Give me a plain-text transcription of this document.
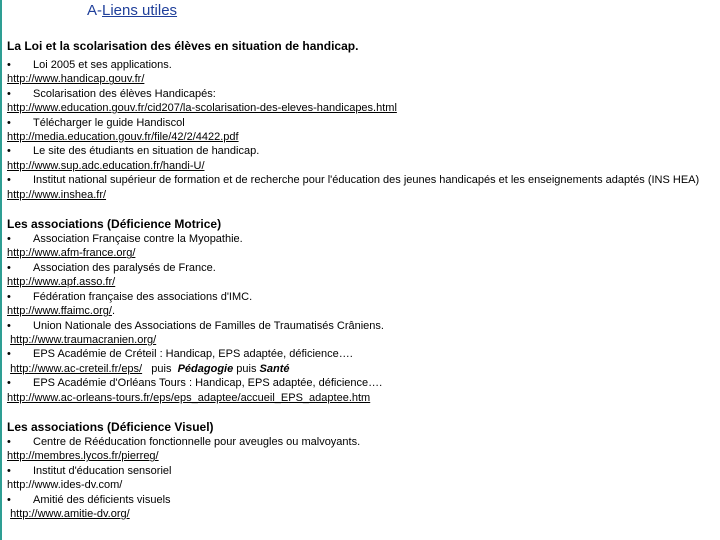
A-Liens utiles
La Loi et la scolarisation des élèves en situation de handicap.
•	Loi 2005 et ses applications.
http://www.handicap.gouv.fr/
•	Scolarisation des élèves Handicapés:
http://www.education.gouv.fr/cid207/la-scolarisation-des-eleves-handicapes.html
•	Télécharger le guide Handiscol
http://media.education.gouv.fr/file/42/2/4422.pdf
•	Le site des étudiants en situation de handicap.
http://www.sup.adc.education.fr/handi-U/
•	Institut national supérieur de formation et de recherche pour l'éducation des jeunes handicapés et les enseignements adaptés (INS HEA)
http://www.inshea.fr/
Les associations (Déficience Motrice)
•	Association Française contre la Myopathie.
http://www.afm-france.org/
•	Association des paralysés de France.
http://www.apf.asso.fr/
•	Fédération française des associations d'IMC.
http://www.ffaimc.org/.
•	Union Nationale des Associations de Familles de Traumatisés Crâniens.
http://www.traumacranien.org/
•	EPS Académie de Créteil : Handicap, EPS adaptée, déficience….
http://www.ac-creteil.fr/eps/ puis Pédagogie puis Santé
•	EPS Académie d'Orléans Tours : Handicap, EPS adaptée, déficience….
http://www.ac-orleans-tours.fr/eps/eps_adaptee/accueil_EPS_adaptee.htm
Les associations (Déficience Visuel)
•	Centre de Rééducation fonctionnelle pour aveugles ou malvoyants.
http://membres.lycos.fr/pierreg/
•	Institut d'éducation sensoriel
http://www.ides-dv.com/
•	Amitié des déficients visuels
http://www.amitie-dv.org/
